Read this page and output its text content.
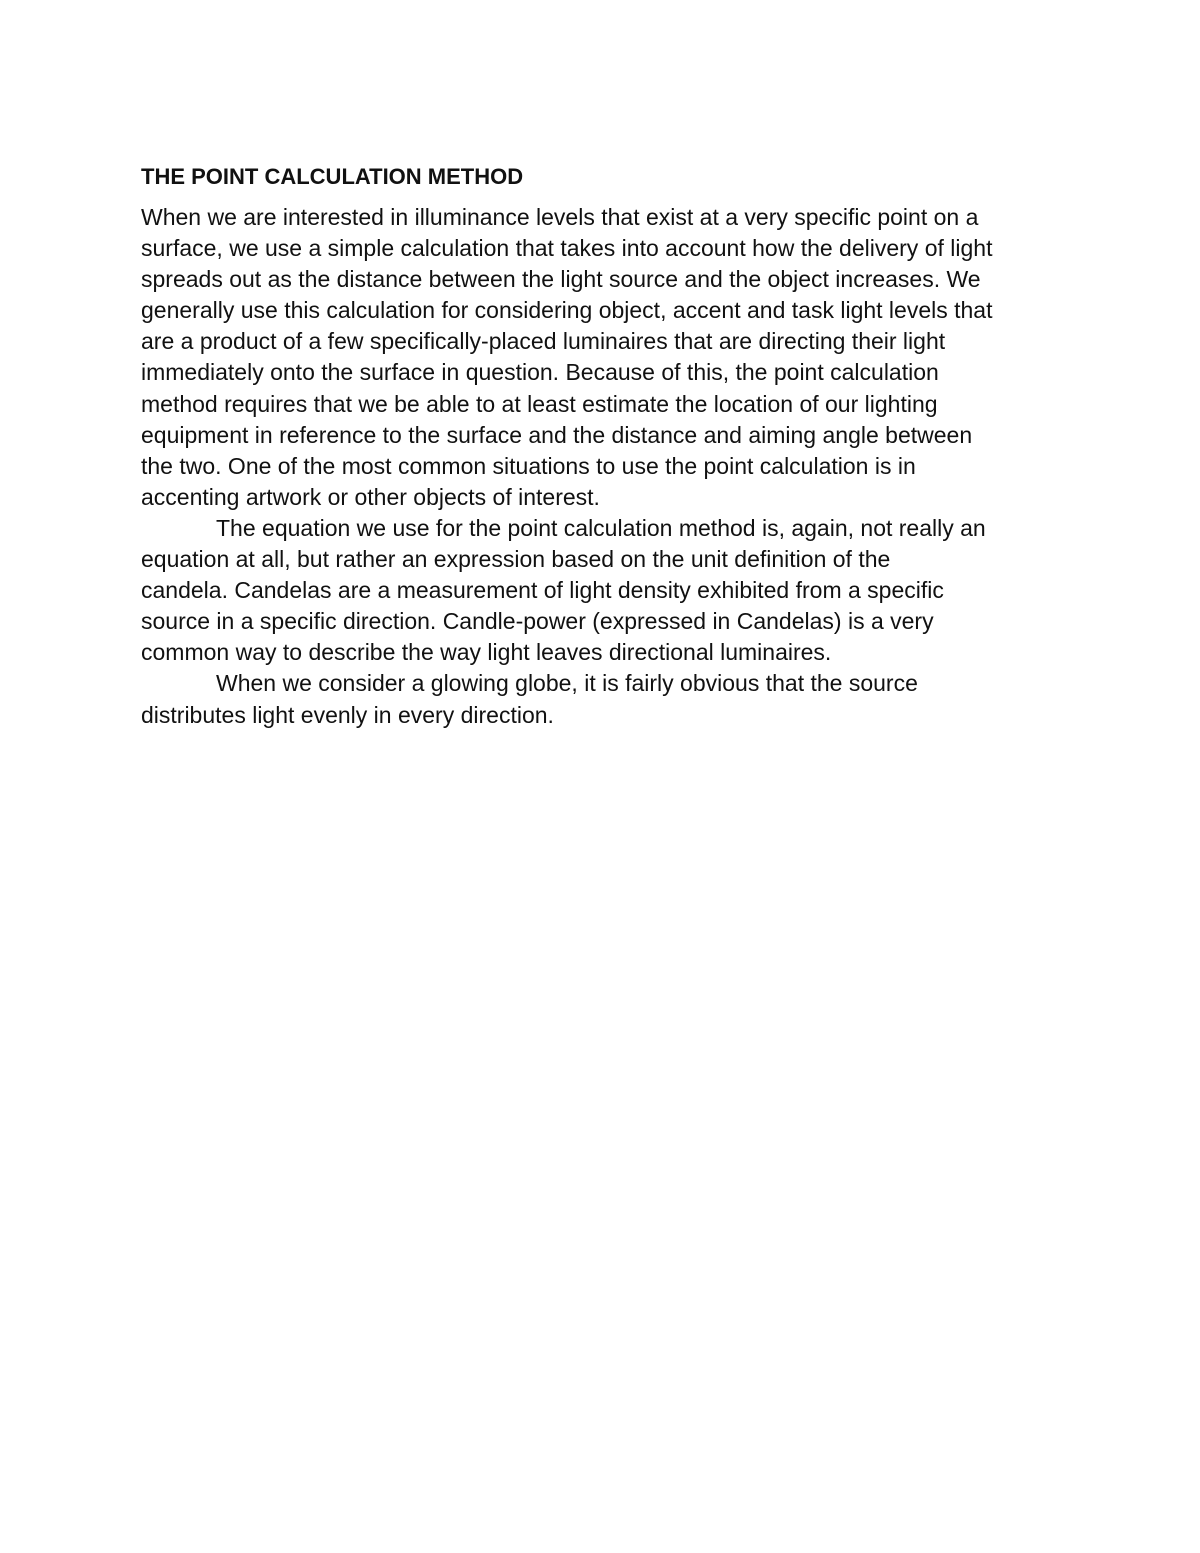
THE POINT CALCULATION METHOD
When we are interested in illuminance levels that exist at a very specific point on a
surface, we use a simple calculation that takes into account how the delivery of light
spreads out as the distance between the light source and the object increases. We
generally use this calculation for considering object, accent and task light levels that
are a product of a few specifically-placed luminaires that are directing their light
immediately onto the surface in question. Because of this, the point calculation
method requires that we be able to at least estimate the location of our lighting
equipment in reference to the surface and the distance and aiming angle between
the two. One of the most common situations to use the point calculation is in
accenting artwork or other objects of interest.
The equation we use for the point calculation method is, again, not really an
equation at all, but rather an expression based on the unit definition of the
candela. Candelas are a measurement of light density exhibited from a specific
source in a specific direction. Candle-power (expressed in Candelas) is a very
common way to describe the way light leaves directional luminaires.
When we consider a glowing globe, it is fairly obvious that the source
distributes light evenly in every direction.
